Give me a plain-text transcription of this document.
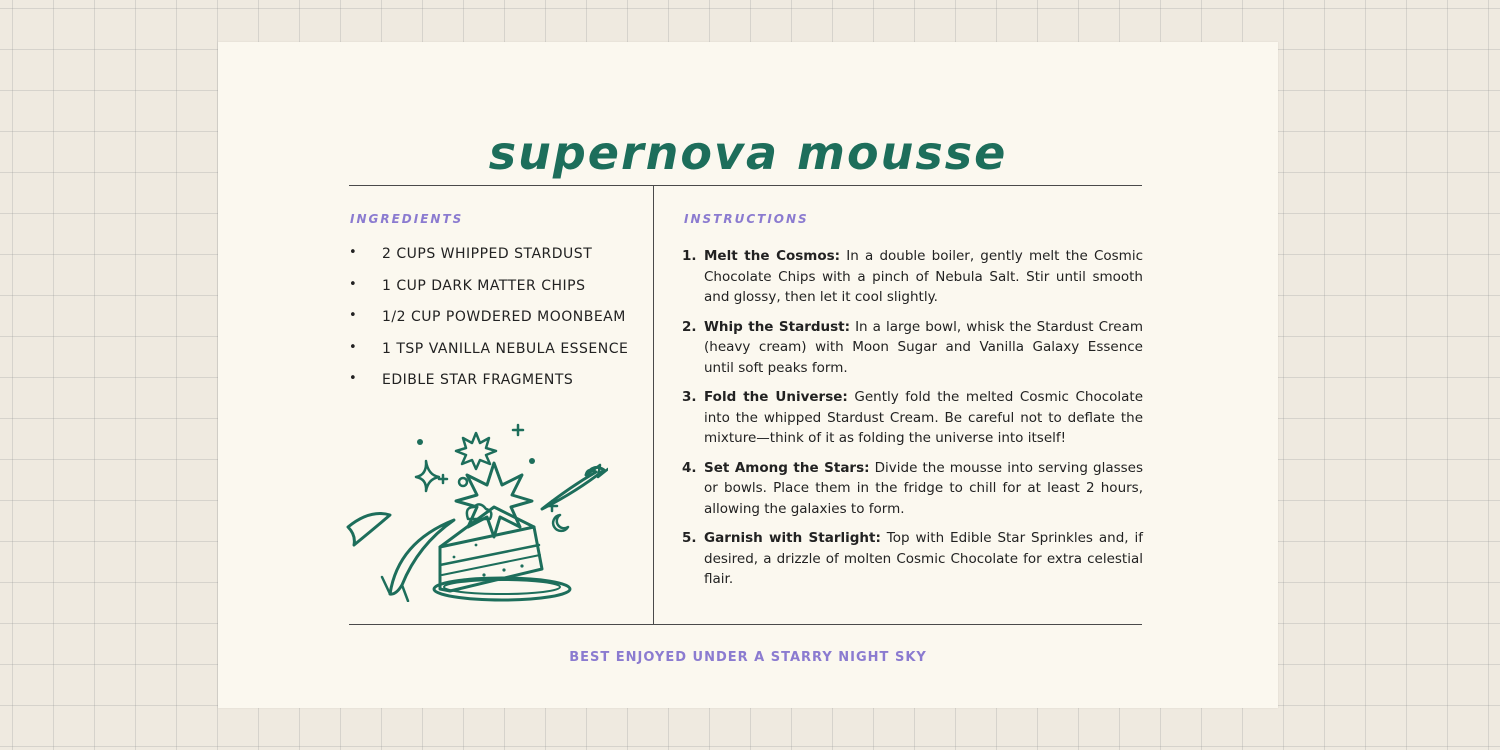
supernova mousse
INGREDIENTS
• 2 CUPS WHIPPED STARDUST
• 1 CUP DARK MATTER CHIPS
• 1/2 CUP POWDERED MOONBEAM
• 1 TSP VANILLA NEBULA ESSENCE
• EDIBLE STAR FRAGMENTS
INSTRUCTIONS
1. Melt the Cosmos: In a double boiler, gently melt the Cosmic Chocolate Chips with a pinch of Nebula Salt. Stir until smooth and glossy, then let it cool slightly.
2. Whip the Stardust: In a large bowl, whisk the Stardust Cream (heavy cream) with Moon Sugar and Vanilla Galaxy Essence until soft peaks form.
3. Fold the Universe: Gently fold the melted Cosmic Chocolate into the whipped Stardust Cream. Be careful not to deflate the mixture—think of it as folding the universe into itself!
4. Set Among the Stars: Divide the mousse into serving glasses or bowls. Place them in the fridge to chill for at least 2 hours, allowing the galaxies to form.
5. Garnish with Starlight: Top with Edible Star Sprinkles and, if desired, a drizzle of molten Cosmic Chocolate for extra celestial flair.

BEST ENJOYED UNDER A STARRY NIGHT SKY
